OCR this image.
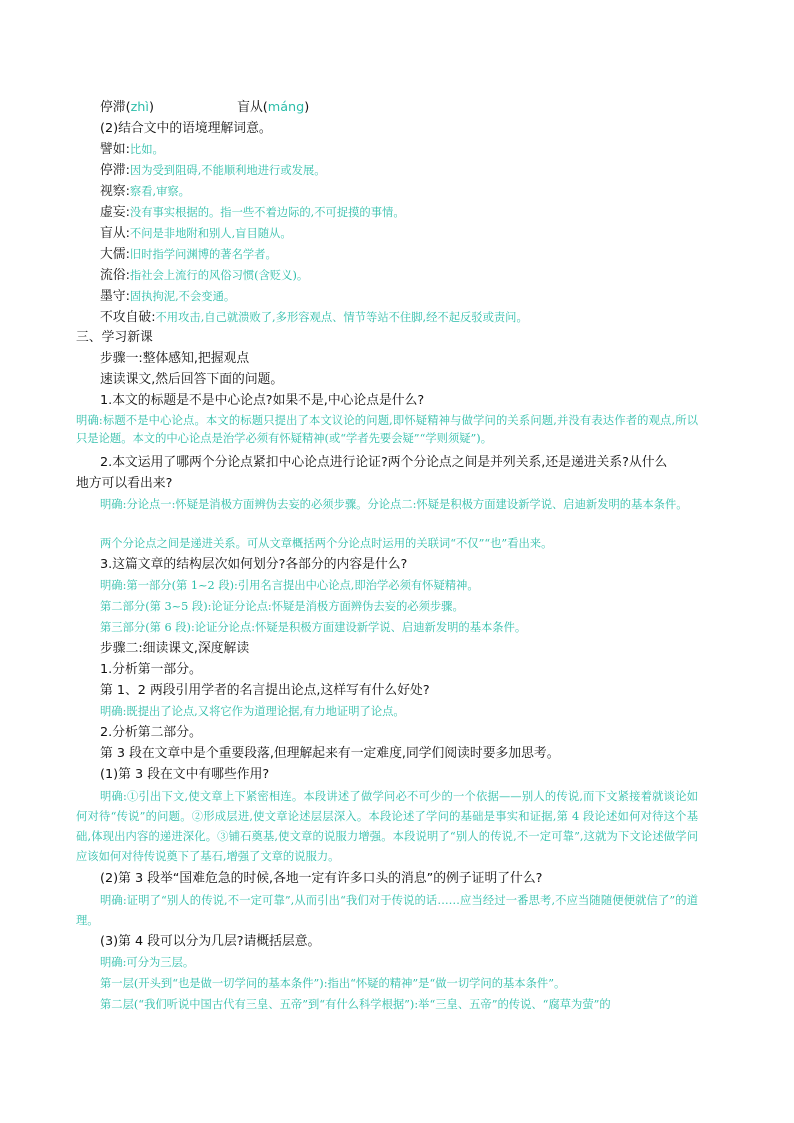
停滞(zhì)	盲从(máng)
(2)结合文中的语境理解词意。
譬如:比如。
停滞:因为受到阻碍,不能顺利地进行或发展。
视察:察看,审察。
虚妄:没有事实根据的。指一些不着边际的,不可捉摸的事情。
盲从:不问是非地附和别人,盲目随从。
大儒:旧时指学问渊博的著名学者。
流俗:指社会上流行的风俗习惯(含贬义)。
墨守:固执拘泥,不会变通。
不攻自破:不用攻击,自己就溃败了,多形容观点、情节等站不住脚,经不起反驳或责问。
三、学习新课
步骤一:整体感知,把握观点
速读课文,然后回答下面的问题。
1.本文的标题是不是中心论点?如果不是,中心论点是什么?
明确:标题不是中心论点。本文的标题只提出了本文议论的问题,即怀疑精神与做学问的关系问题,并没有表达作者的观点,所以只是论题。本文的中心论点是治学必须有怀疑精神(或“学者先要会疑”“学则须疑”)。
2.本文运用了哪两个分论点紧扣中心论点进行论证?两个分论点之间是并列关系,还是递进关系?从什么
地方可以看出来?
明确:分论点一:怀疑是消极方面辨伪去妄的必须步骤。分论点二:怀疑是积极方面建设新学说、启迪新发明的基本条件。
两个分论点之间是递进关系。可从文章概括两个分论点时运用的关联词“不仅”“也”看出来。
3.这篇文章的结构层次如何划分?各部分的内容是什么?
明确:第一部分(第 1~2 段):引用名言提出中心论点,即治学必须有怀疑精神。
第二部分(第 3~5 段):论证分论点:怀疑是消极方面辨伪去妄的必须步骤。
第三部分(第 6 段):论证分论点:怀疑是积极方面建设新学说、启迪新发明的基本条件。
步骤二:细读课文,深度解读
1.分析第一部分。
第 1、2 两段引用学者的名言提出论点,这样写有什么好处?
明确:既提出了论点,又将它作为道理论据,有力地证明了论点。
2.分析第二部分。
第 3 段在文章中是个重要段落,但理解起来有一定难度,同学们阅读时要多加思考。
(1)第 3 段在文中有哪些作用?
明确:①引出下文,使文章上下紧密相连。本段讲述了做学问必不可少的一个依据——别人的传说,而下文紧接着就谈论如何对待“传说”的问题。②形成层进,使文章论述层层深入。本段论述了学问的基础是事实和证据,第 4 段论述如何对待这个基础,体现出内容的递进深化。③铺石奠基,使文章的说服力增强。本段说明了“别人的传说,不一定可靠”,这就为下文论述做学问应该如何对待传说奠下了基石,增强了文章的说服力。
(2)第 3 段举“国难危急的时候,各地一定有许多口头的消息”的例子证明了什么?
明确:证明了“别人的传说,不一定可靠”,从而引出“我们对于传说的话……应当经过一番思考,不应当随随便便就信了”的道理。
(3)第 4 段可以分为几层?请概括层意。
明确:可分为三层。
第一层(开头到“也是做一切学问的基本条件”):指出“怀疑的精神”是“做一切学问的基本条件”。
第二层(“我们听说中国古代有三皇、五帝”到“有什么科学根据”):举“三皇、五帝”的传说、“腐草为萤”的
